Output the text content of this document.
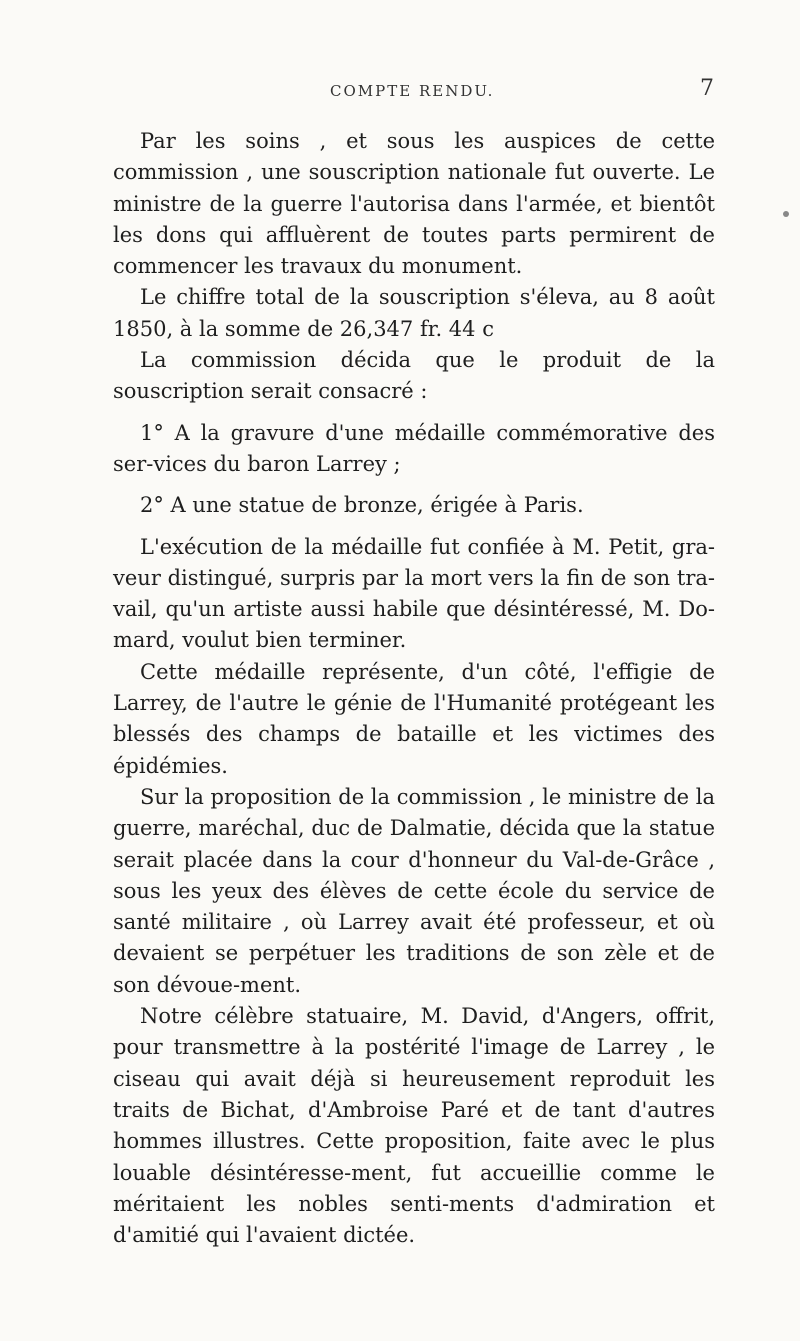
COMPTE RENDU.	7

Par les soins , et sous les auspices de cette commission , une souscription nationale fut ouverte. Le ministre de la guerre l'autorisa dans l'armée, et bientôt les dons qui affluèrent de toutes parts permirent de commencer les travaux du monument.

Le chiffre total de la souscription s'éleva, au 8 août 1850, à la somme de 26,347 fr. 44 c

La commission décida que le produit de la souscription serait consacré :

1° A la gravure d'une médaille commémorative des ser-vices du baron Larrey ;

2° A une statue de bronze, érigée à Paris.

L'exécution de la médaille fut confiée à M. Petit, gra-veur distingué, surpris par la mort vers la fin de son tra-vail, qu'un artiste aussi habile que désintéressé, M. Do-mard, voulut bien terminer.

Cette médaille représente, d'un côté, l'effigie de Larrey, de l'autre le génie de l'Humanité protégeant les blessés des champs de bataille et les victimes des épidémies.

Sur la proposition de la commission , le ministre de la guerre, maréchal, duc de Dalmatie, décida que la statue serait placée dans la cour d'honneur du Val-de-Grâce , sous les yeux des élèves de cette école du service de santé militaire , où Larrey avait été professeur, et où devaient se perpétuer les traditions de son zèle et de son dévoue-ment.

Notre célèbre statuaire, M. David, d'Angers, offrit, pour transmettre à la postérité l'image de Larrey , le ciseau qui avait déjà si heureusement reproduit les traits de Bichat, d'Ambroise Paré et de tant d'autres hommes illustres. Cette proposition, faite avec le plus louable désintéresse-ment, fut accueillie comme le méritaient les nobles senti-ments d'admiration et d'amitié qui l'avaient dictée.
